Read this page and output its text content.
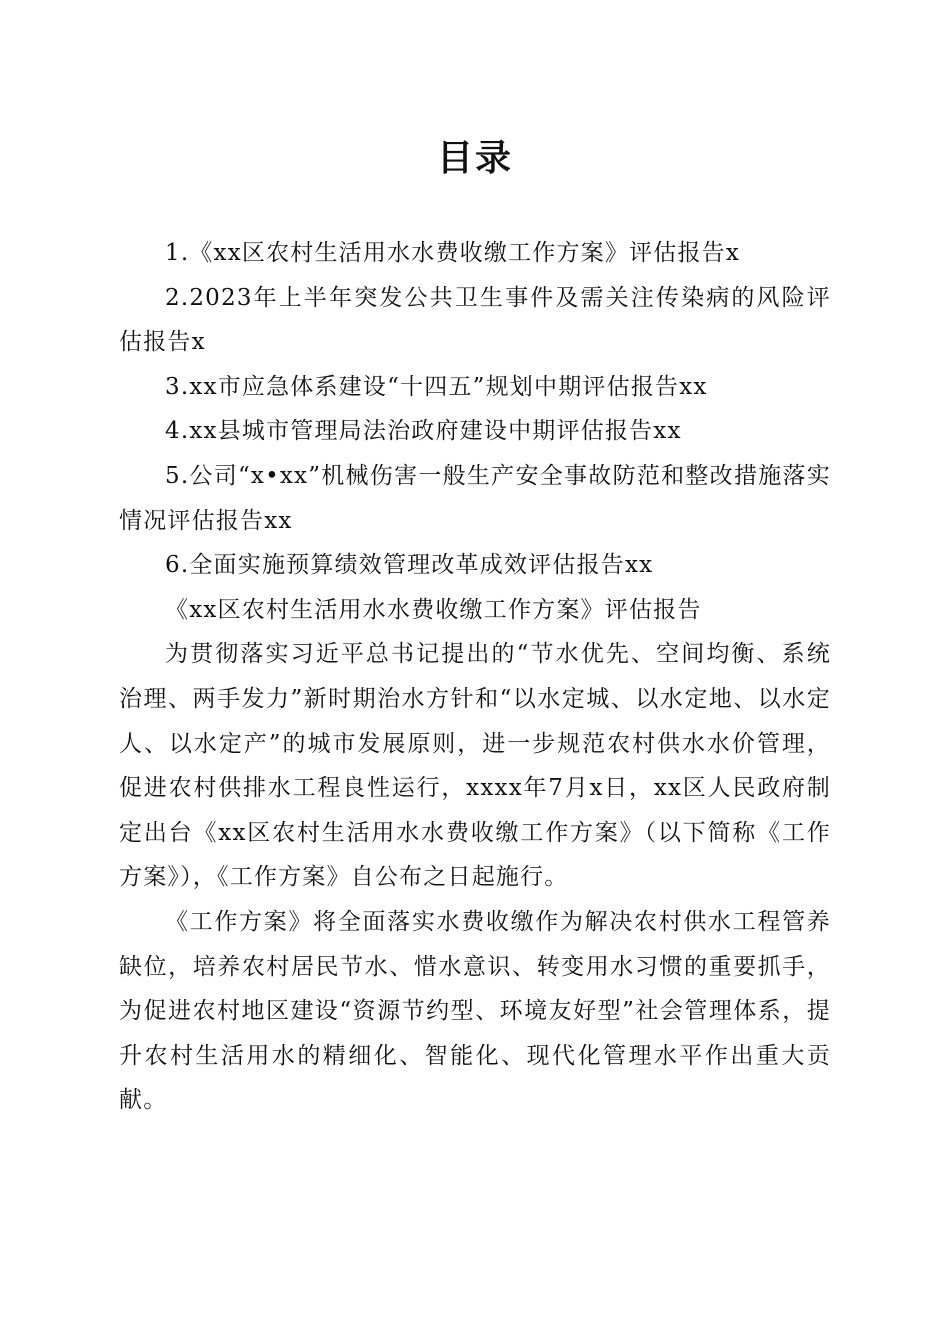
目录

1.《xx区农村生活用水水费收缴工作方案》评估报告x

2.2023年上半年突发公共卫生事件及需关注传染病的风险评估报告x

3.xx市应急体系建设“十四五”规划中期评估报告xx

4.xx县城市管理局法治政府建设中期评估报告xx

5.公司“x•xx”机械伤害一般生产安全事故防范和整改措施落实情况评估报告xx

6.全面实施预算绩效管理改革成效评估报告xx

《xx区农村生活用水水费收缴工作方案》评估报告

为贯彻落实习近平总书记提出的“节水优先、空间均衡、系统治理、两手发力”新时期治水方针和“以水定城、以水定地、以水定人、以水定产”的城市发展原则，进一步规范农村供水水价管理，促进农村供排水工程良性运行，xxxx年7月x日，xx区人民政府制定出台《xx区农村生活用水水费收缴工作方案》（以下简称《工作方案》），《工作方案》自公布之日起施行。

《工作方案》将全面落实水费收缴作为解决农村供水工程管养缺位，培养农村居民节水、惜水意识、转变用水习惯的重要抓手，为促进农村地区建设“资源节约型、环境友好型”社会管理体系，提升农村生活用水的精细化、智能化、现代化管理水平作出重大贡献。
